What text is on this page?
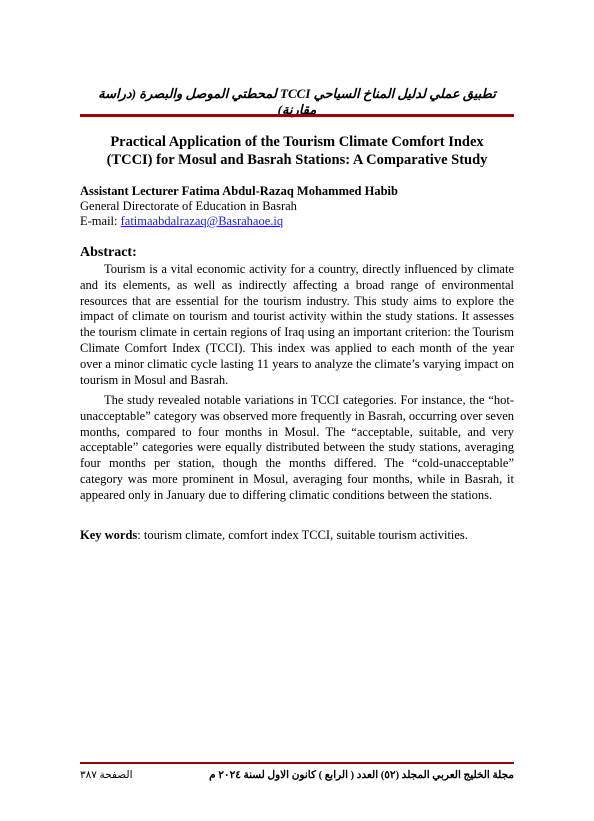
تطبيق عملي لدليل المناخ السياحي TCCI لمحطتي الموصل والبصرة (دراسة مقارنة)
Practical Application of the Tourism Climate Comfort Index
(TCCI) for Mosul and Basrah Stations: A Comparative Study
Assistant Lecturer Fatima Abdul-Razaq Mohammed Habib
General Directorate of Education in Basrah
E-mail: fatimaabdalrazaq@Basrahaoe.iq
Abstract:

Tourism is a vital economic activity for a country, directly influenced by climate and its elements, as well as indirectly affecting a broad range of environmental resources that are essential for the tourism industry. This study aims to explore the impact of climate on tourism and tourist activity within the study stations. It assesses the tourism climate in certain regions of Iraq using an important criterion: the Tourism Climate Comfort Index (TCCI). This index was applied to each month of the year over a minor climatic cycle lasting 11 years to analyze the climate’s varying impact on tourism in Mosul and Basrah.

The study revealed notable variations in TCCI categories. For instance, the “hot-unacceptable” category was observed more frequently in Basrah, occurring over seven months, compared to four months in Mosul. The “acceptable, suitable, and very acceptable” categories were equally distributed between the study stations, averaging four months per station, though the months differed. The “cold-unacceptable” category was more prominent in Mosul, averaging four months, while in Basrah, it appeared only in January due to differing climatic conditions between the stations.

Key words: tourism climate, comfort index TCCI, suitable tourism activities.
مجلة الخليج العربي المجلد (٥٢) العدد ( الرابع ) كانون الاول لسنة ٢٠٢٤ م
الصفحة ٣٨٧
